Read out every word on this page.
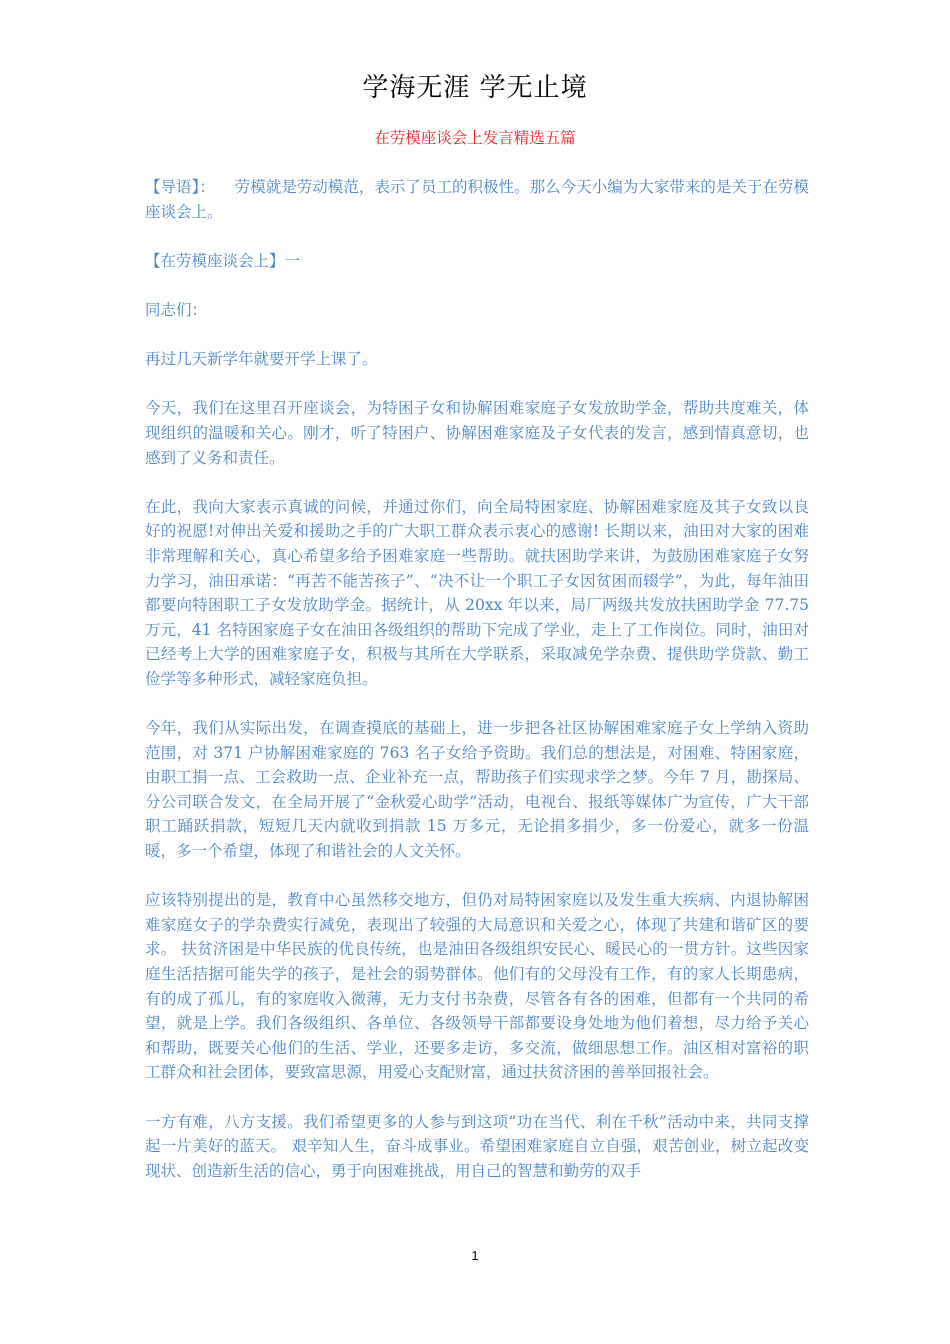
学海无涯 学无止境
在劳模座谈会上发言精选五篇

【导语】：    劳模就是劳动模范，表示了员工的积极性。那么今天小编为大家带来的是关于在劳模座谈会上。

【在劳模座谈会上】一

同志们：

再过几天新学年就要开学上课了。

今天，我们在这里召开座谈会，为特困子女和协解困难家庭子女发放助学金，帮助共度难关，体现组织的温暖和关心。刚才，听了特困户、协解困难家庭及子女代表的发言，感到情真意切，也感到了义务和责任。

在此，我向大家表示真诚的问候，并通过你们，向全局特困家庭、协解困难家庭及其子女致以良好的祝愿!对伸出关爱和援助之手的广大职工群众表示衷心的感谢! 长期以来，油田对大家的困难非常理解和关心，真心希望多给予困难家庭一些帮助。就扶困助学来讲，为鼓励困难家庭子女努力学习，油田承诺：“再苦不能苦孩子”、“决不让一个职工子女因贫困而辍学”，为此，每年油田都要向特困职工子女发放助学金。据统计，从 20xx 年以来，局厂两级共发放扶困助学金 77.75 万元，41 名特困家庭子女在油田各级组织的帮助下完成了学业，走上了工作岗位。同时，油田对已经考上大学的困难家庭子女，积极与其所在大学联系，采取减免学杂费、提供助学贷款、勤工俭学等多种形式，减轻家庭负担。

今年，我们从实际出发，在调查摸底的基础上，进一步把各社区协解困难家庭子女上学纳入资助范围，对 371 户协解困难家庭的 763 名子女给予资助。我们总的想法是，对困难、特困家庭，由职工捐一点、工会救助一点、企业补充一点，帮助孩子们实现求学之梦。今年 7 月，勘探局、分公司联合发文，在全局开展了“金秋爱心助学”活动，电视台、报纸等媒体广为宣传，广大干部职工踊跃捐款，短短几天内就收到捐款 15 万多元，无论捐多捐少，多一份爱心，就多一份温暖，多一个希望，体现了和谐社会的人文关怀。

应该特别提出的是，教育中心虽然移交地方，但仍对局特困家庭以及发生重大疾病、内退协解困难家庭女子的学杂费实行减免，表现出了较强的大局意识和关爱之心，体现了共建和谐矿区的要求。 扶贫济困是中华民族的优良传统，也是油田各级组织安民心、暖民心的一贯方针。这些因家庭生活拮据可能失学的孩子，是社会的弱势群体。他们有的父母没有工作，有的家人长期患病，有的成了孤儿，有的家庭收入微薄，无力支付书杂费，尽管各有各的困难，但都有一个共同的希望，就是上学。我们各级组织、各单位、各级领导干部都要设身处地为他们着想，尽力给予关心和帮助，既要关心他们的生活、学业，还要多走访，多交流，做细思想工作。油区相对富裕的职工群众和社会团体，要致富思源，用爱心支配财富，通过扶贫济困的善举回报社会。

一方有难，八方支援。我们希望更多的人参与到这项“功在当代、利在千秋”活动中来，共同支撑起一片美好的蓝天。 艰辛知人生，奋斗成事业。希望困难家庭自立自强，艰苦创业，树立起改变现状、创造新生活的信心，勇于向困难挑战，用自己的智慧和勤劳的双手

1
